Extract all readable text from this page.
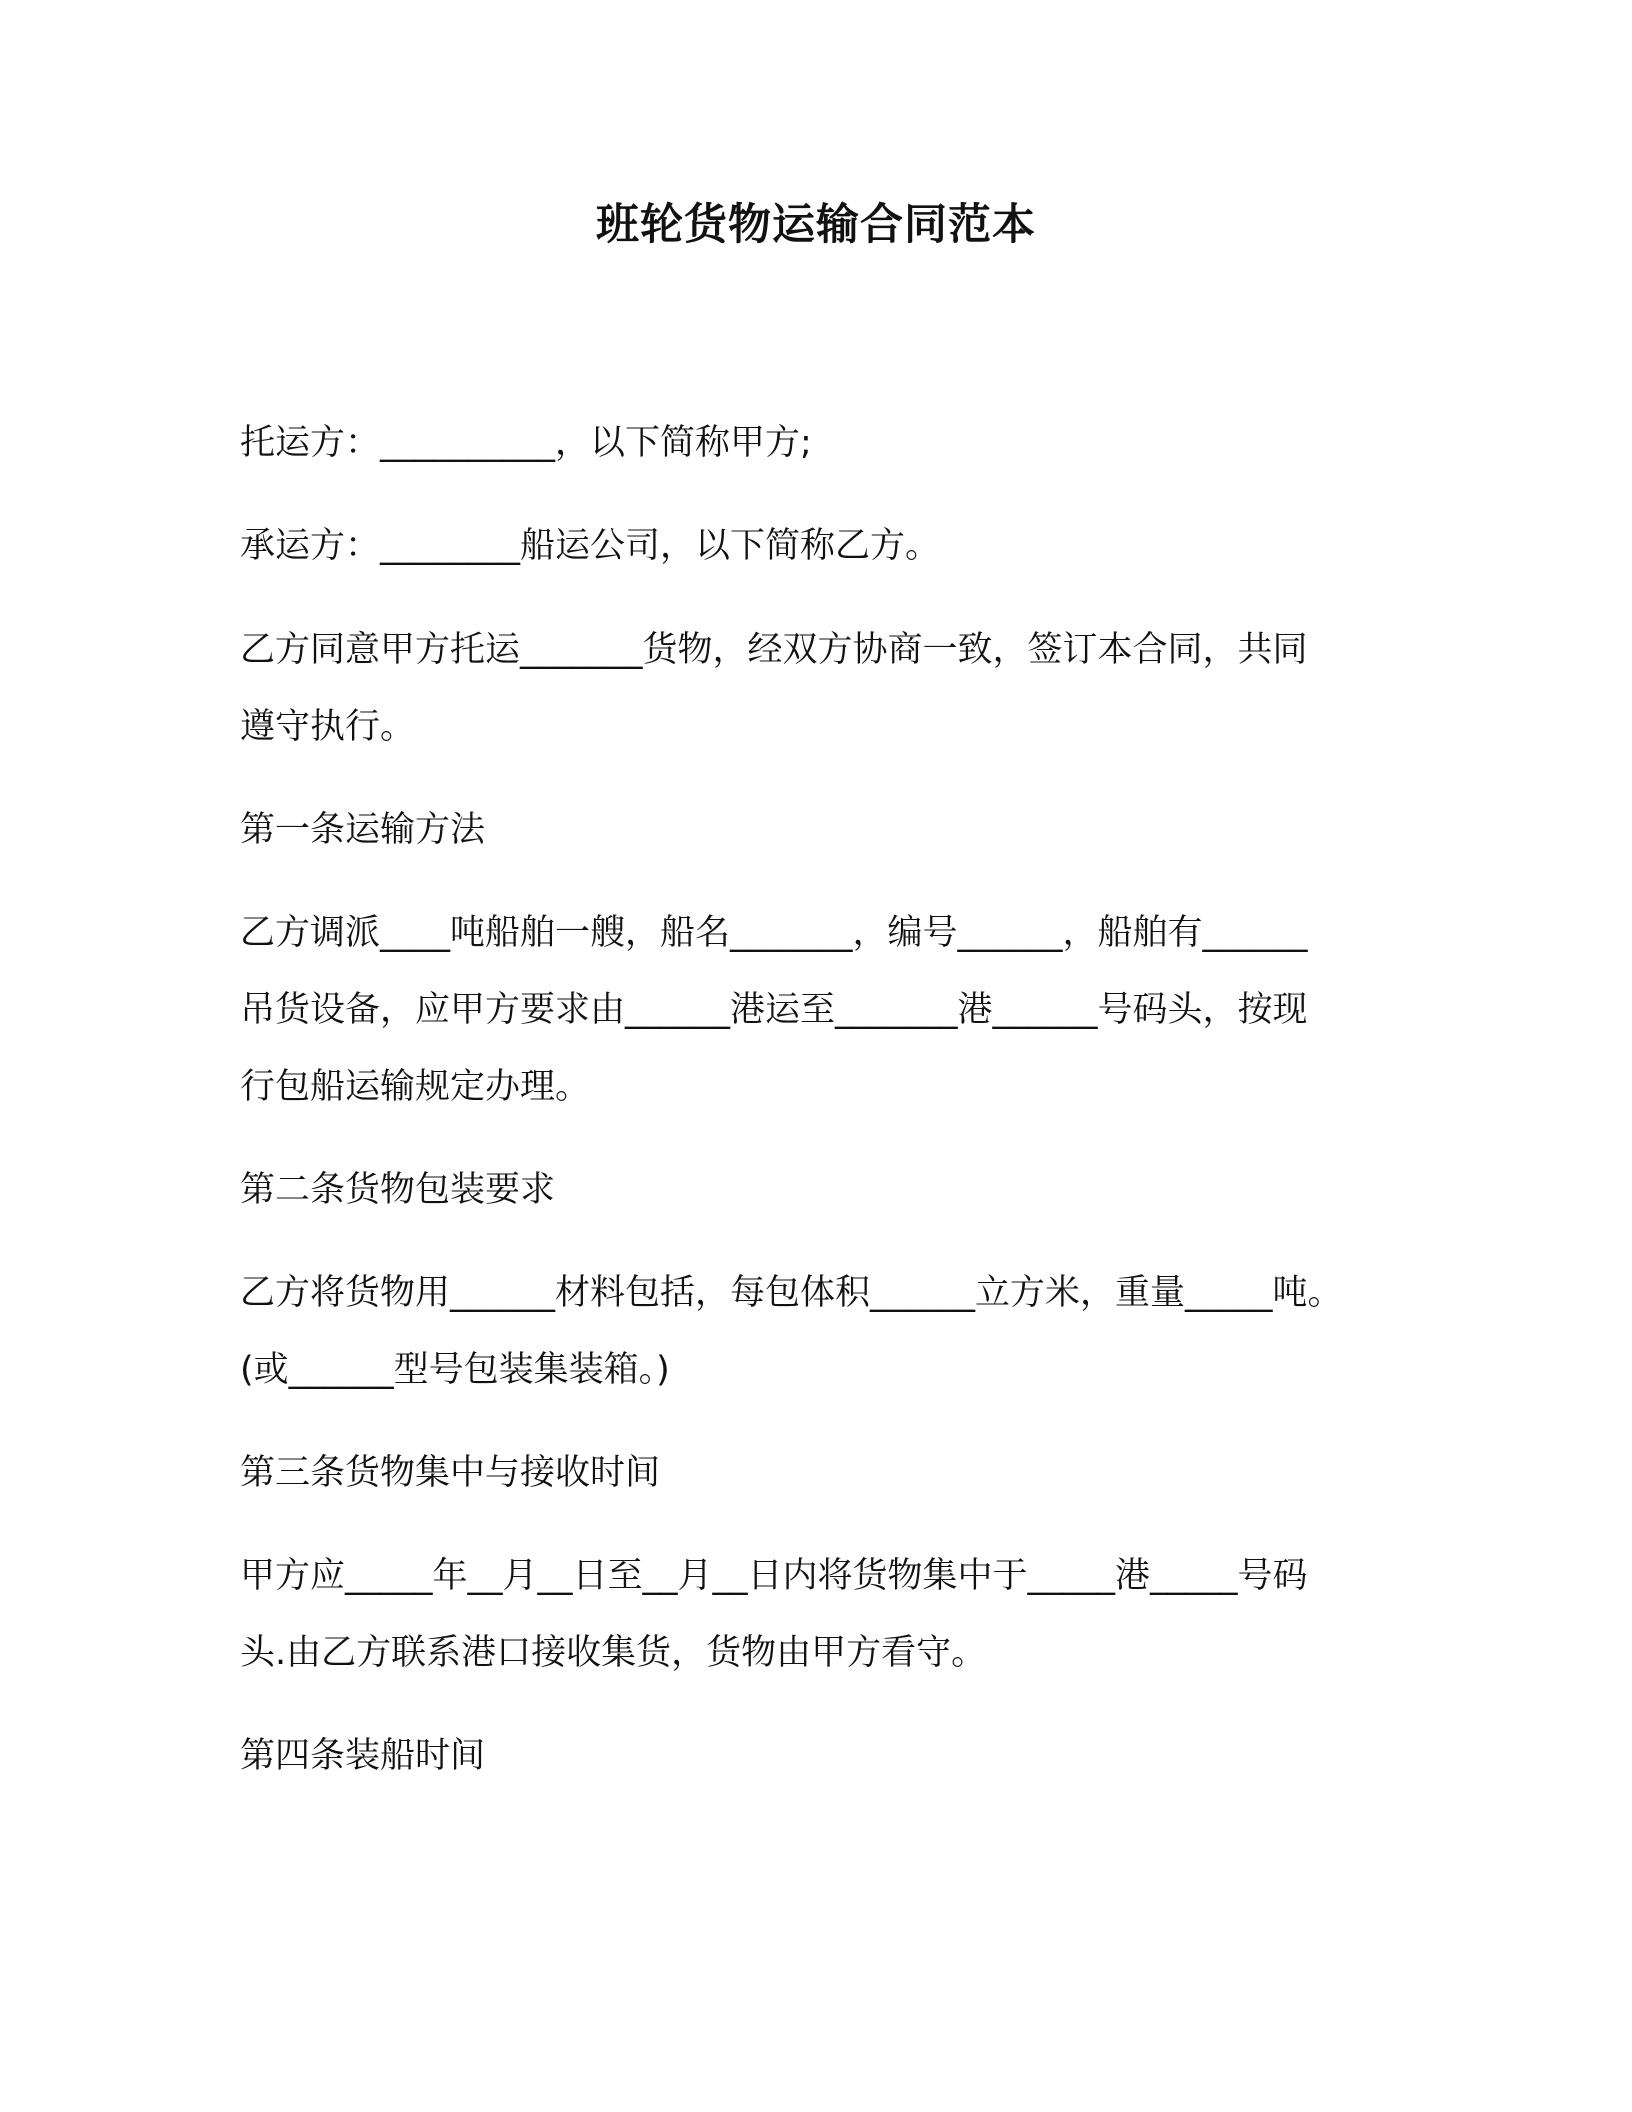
班轮货物运输合同范本
托运方：__________，以下简称甲方;
承运方：________船运公司，以下简称乙方。
乙方同意甲方托运_______货物，经双方协商一致，签订本合同，共同
遵守执行。
第一条运输方法
乙方调派____吨船舶一艘，船名_______，编号______，船舶有______
吊货设备，应甲方要求由______港运至_______港______号码头，按现
行包船运输规定办理。
第二条货物包装要求
乙方将货物用______材料包括，每包体积______立方米，重量_____吨。
(或______型号包装集装箱。)
第三条货物集中与接收时间
甲方应_____年__月__日至__月__日内将货物集中于_____港_____号码
头.由乙方联系港口接收集货，货物由甲方看守。
第四条装船时间
